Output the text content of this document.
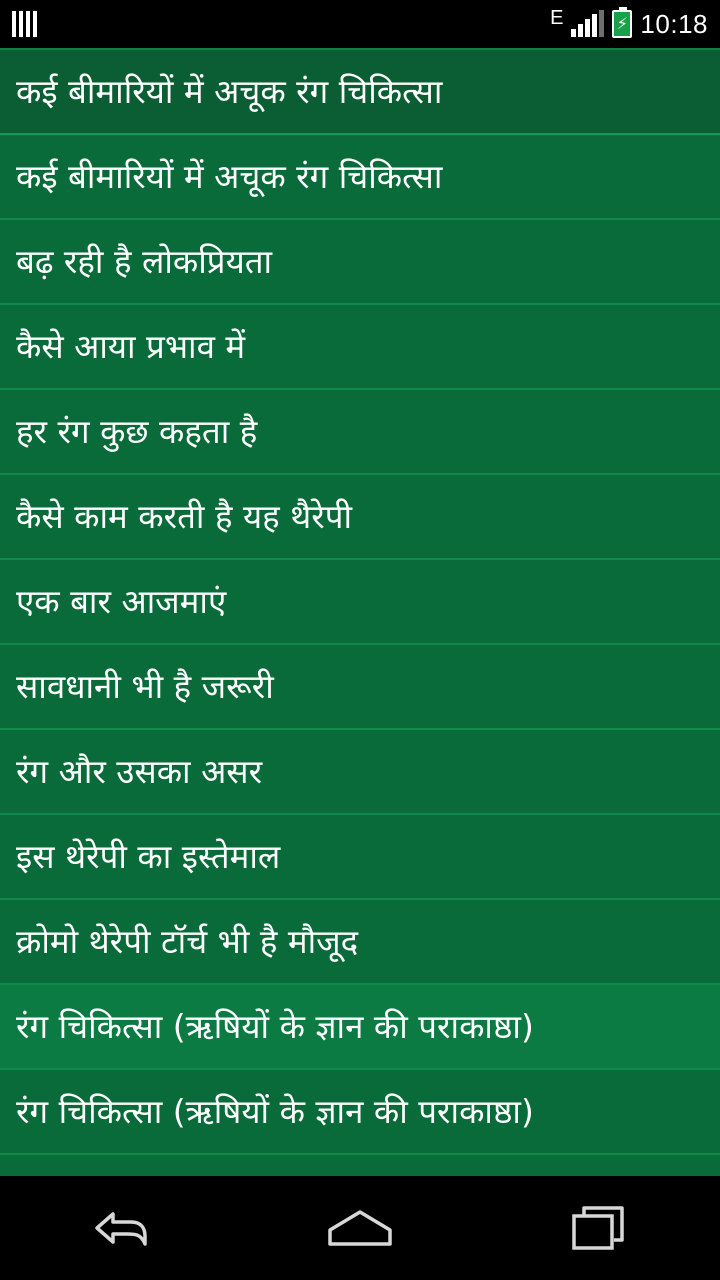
E	⚡ 10:18
कई बीमारियों में अचूक रंग चिकित्सा
कई बीमारियों में अचूक रंग चिकित्सा
बढ़ रही है लोकप्रियता
कैसे आया प्रभाव में
हर रंग कुछ कहता है
कैसे काम करती है यह थैरेपी
एक बार आजमाएं
सावधानी भी है जरूरी
रंग और उसका असर
इस थेरेपी का इस्तेमाल
क्रोमो थेरेपी टॉर्च भी है मौजूद
रंग चिकित्सा (ऋषियों के ज्ञान की पराकाष्ठा)
रंग चिकित्सा (ऋषियों के ज्ञान की पराकाष्ठा)
